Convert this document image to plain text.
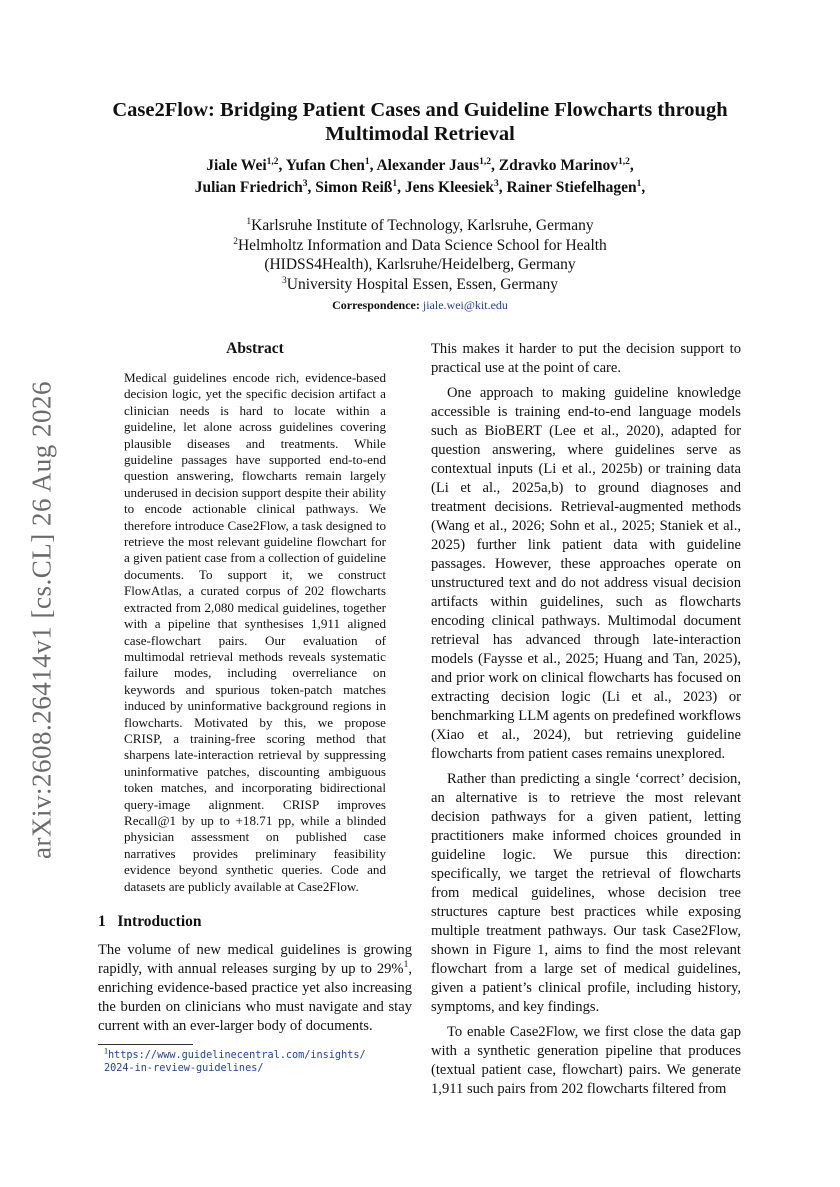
arXiv:2608.26414v1 [cs.CL] 26 Aug 2026
Case2Flow: Bridging Patient Cases and Guideline Flowcharts through
Multimodal Retrieval
Jiale Wei$^{1,2}$, Yufan Chen$^1$, Alexander Jaus$^{1,2}$, Zdravko Marinov$^{1,2}$,
Julian Friedrich$^3$, Simon Reiß$^1$, Jens Kleesiek$^3$, Rainer Stiefelhagen$^1$,
$^1$Karlsruhe Institute of Technology, Karlsruhe, Germany
$^2$Helmholtz Information and Data Science School for Health
(HIDSS4Health), Karlsruhe/Heidelberg, Germany
$^3$University Hospital Essen, Essen, Germany
Correspondence: jiale.wei@kit.edu
Abstract
Medical guidelines encode rich, evidence-based decision logic, yet the specific decision artifact a clinician needs is hard to locate within a guideline, let alone across guidelines covering plausible diseases and treatments. While guideline passages have supported end-to-end question answering, flowcharts remain largely underused in decision support despite their ability to encode actionable clinical pathways. We therefore introduce Case2Flow, a task designed to retrieve the most relevant guideline flowchart for a given patient case from a collection of guideline documents. To support it, we construct FlowAtlas, a curated corpus of 202 flowcharts extracted from 2,080 medical guidelines, together with a pipeline that synthesises 1,911 aligned case-flowchart pairs. Our evaluation of multimodal retrieval methods reveals systematic failure modes, including overreliance on keywords and spurious token-patch matches induced by uninformative background regions in flowcharts. Motivated by this, we propose CRISP, a training-free scoring method that sharpens late-interaction retrieval by suppressing uninformative patches, discounting ambiguous token matches, and incorporating bidirectional query-image alignment. CRISP improves Recall@1 by up to +18.71 pp, while a blinded physician assessment on published case narratives provides preliminary feasibility evidence beyond synthetic queries. Code and datasets are publicly available at Case2Flow.
1 Introduction

The volume of new medical guidelines is growing rapidly, with annual releases surging by up to 29%$^1$, enriching evidence-based practice yet also increasing the burden on clinicians who must navigate and stay current with an ever-larger body of documents.

$^1$https://www.guidelinecentral.com/insights/
2024-in-review-guidelines/

This makes it harder to put the decision support to practical use at the point of care.

One approach to making guideline knowledge accessible is training end-to-end language models such as BioBERT (Lee et al., 2020), adapted for question answering, where guidelines serve as contextual inputs (Li et al., 2025b) or training data (Li et al., 2025a,b) to ground diagnoses and treatment decisions. Retrieval-augmented methods (Wang et al., 2026; Sohn et al., 2025; Staniek et al., 2025) further link patient data with guideline passages. However, these approaches operate on unstructured text and do not address visual decision artifacts within guidelines, such as flowcharts encoding clinical pathways. Multimodal document retrieval has advanced through late-interaction models (Faysse et al., 2025; Huang and Tan, 2025), and prior work on clinical flowcharts has focused on extracting decision logic (Li et al., 2023) or benchmarking LLM agents on predefined workflows (Xiao et al., 2024), but retrieving guideline flowcharts from patient cases remains unexplored.

Rather than predicting a single ‘correct’ decision, an alternative is to retrieve the most relevant decision pathways for a given patient, letting practitioners make informed choices grounded in guideline logic. We pursue this direction: specifically, we target the retrieval of flowcharts from medical guidelines, whose decision tree structures capture best practices while exposing multiple treatment pathways. Our task Case2Flow, shown in Figure 1, aims to find the most relevant flowchart from a large set of medical guidelines, given a patient’s clinical profile, including history, symptoms, and key findings.

To enable Case2Flow, we first close the data gap with a synthetic generation pipeline that produces (textual patient case, flowchart) pairs. We generate 1,911 such pairs from 202 flowcharts filtered from
